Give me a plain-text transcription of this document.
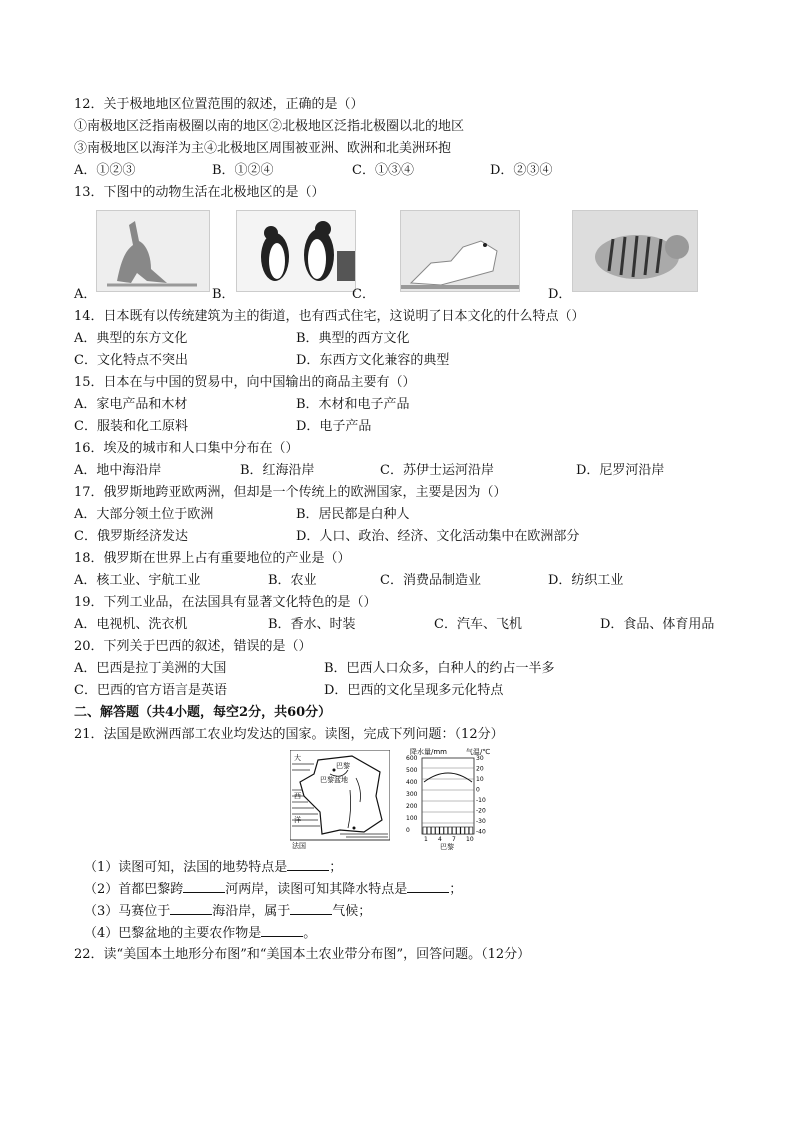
12．关于极地地区位置范围的叙述，正确的是（）
①南极地区泛指南极圈以南的地区②北极地区泛指北极圈以北的地区
③南极地区以海洋为主④北极地区周围被亚洲、欧洲和北美洲环抱
A．①②③	B．①②④	C．①③④	D．②③④
13．下图中的动物生活在北极地区的是（）
A．	B．	C．	D．
14．日本既有以传统建筑为主的街道，也有西式住宅，这说明了日本文化的什么特点（）
A．典型的东方文化	B．典型的西方文化
C．文化特点不突出	D．东西方文化兼容的典型
15．日本在与中国的贸易中，向中国输出的商品主要有（）
A．家电产品和木材	B．木材和电子产品
C．服装和化工原料	D．电子产品
16．埃及的城市和人口集中分布在（）
A．地中海沿岸	B．红海沿岸	C．苏伊士运河沿岸	D．尼罗河沿岸
17．俄罗斯地跨亚欧两洲，但却是一个传统上的欧洲国家，主要是因为（）
A．大部分领土位于欧洲	B．居民都是白种人
C．俄罗斯经济发达	D．人口、政治、经济、文化活动集中在欧洲部分
18．俄罗斯在世界上占有重要地位的产业是（）
A．核工业、宇航工业	B．农业	C．消费品制造业	D．纺织工业
19．下列工业品，在法国具有显著文化特色的是（）
A．电视机、洗衣机	B．香水、时装	C．汽车、飞机	D．食品、体育用品
20．下列关于巴西的叙述，错误的是（）
A．巴西是拉丁美洲的大国	B．巴西人口众多，白种人的约占一半多
C．巴西的官方语言是英语	D．巴西的文化呈现多元化特点
二、解答题（共4小题，每空2分，共60分）
21．法国是欧洲西部工农业均发达的国家。读图，完成下列问题：（12分）
大
西
洋
巴黎
巴黎盆地
法国
降水量/mm	气温/℃
600
500
400
300
200
100
0
30
20
10
0
-10
-20
-30
-40
1 4 7 10
巴黎
（1）读图可知，法国的地势特点是	；
（2）首都巴黎跨	河两岸，读图可知其降水特点是	；
（3）马赛位于	海沿岸，属于	气候；
（4）巴黎盆地的主要农作物是	。
22．读“美国本土地形分布图”和“美国本土农业带分布图”，回答问题。（12分）
